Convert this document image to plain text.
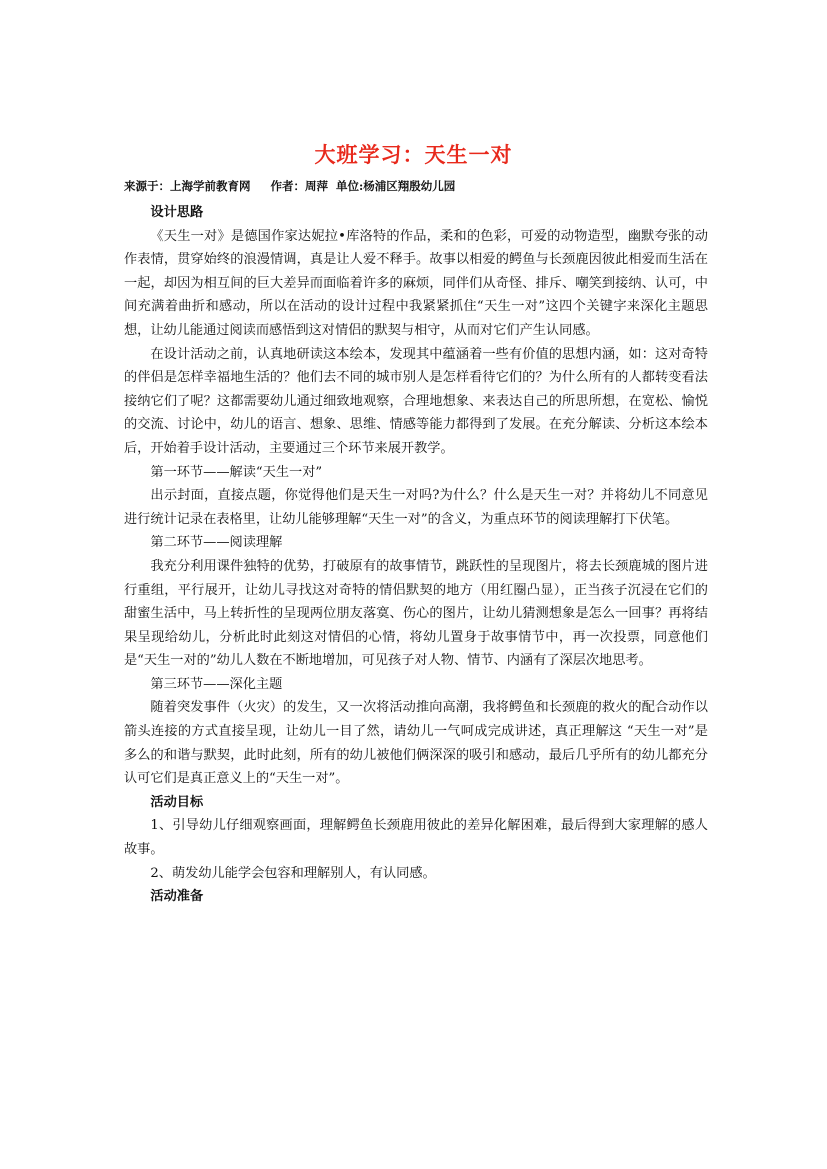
大班学习：天生一对
来源于：上海学前教育网 作者：周萍 单位:杨浦区翔殷幼儿园

设计思路

《天生一对》是德国作家达妮拉•库洛特的作品，柔和的色彩，可爱的动物造型，幽默夸张的动作表情，贯穿始终的浪漫情调，真是让人爱不释手。故事以相爱的鳄鱼与长颈鹿因彼此相爱而生活在一起，却因为相互间的巨大差异而面临着许多的麻烦，同伴们从奇怪、排斥、嘲笑到接纳、认可，中间充满着曲折和感动，所以在活动的设计过程中我紧紧抓住“天生一对”这四个关键字来深化主题思想，让幼儿能通过阅读而感悟到这对情侣的默契与相守，从而对它们产生认同感。

在设计活动之前，认真地研读这本绘本，发现其中蕴涵着一些有价值的思想内涵，如：这对奇特的伴侣是怎样幸福地生活的？他们去不同的城市别人是怎样看待它们的？为什么所有的人都转变看法接纳它们了呢？这都需要幼儿通过细致地观察，合理地想象、来表达自己的所思所想，在宽松、愉悦的交流、讨论中，幼儿的语言、想象、思维、情感等能力都得到了发展。在充分解读、分析这本绘本后，开始着手设计活动，主要通过三个环节来展开教学。

第一环节——解读“天生一对”

出示封面，直接点题，你觉得他们是天生一对吗?为什么？什么是天生一对？并将幼儿不同意见进行统计记录在表格里，让幼儿能够理解“天生一对”的含义，为重点环节的阅读理解打下伏笔。

第二环节——阅读理解

我充分利用课件独特的优势，打破原有的故事情节，跳跃性的呈现图片，将去长颈鹿城的图片进行重组，平行展开，让幼儿寻找这对奇特的情侣默契的地方（用红圈凸显），正当孩子沉浸在它们的甜蜜生活中，马上转折性的呈现两位朋友落寞、伤心的图片，让幼儿猜测想象是怎么一回事？再将结果呈现给幼儿，分析此时此刻这对情侣的心情，将幼儿置身于故事情节中，再一次投票，同意他们是“天生一对的”幼儿人数在不断地增加，可见孩子对人物、情节、内涵有了深层次地思考。

第三环节——深化主题

随着突发事件（火灾）的发生，又一次将活动推向高潮，我将鳄鱼和长颈鹿的救火的配合动作以箭头连接的方式直接呈现，让幼儿一目了然，请幼儿一气呵成完成讲述，真正理解这 “天生一对”是多么的和谐与默契，此时此刻，所有的幼儿被他们俩深深的吸引和感动，最后几乎所有的幼儿都充分认可它们是真正意义上的“天生一对”。

活动目标

1、引导幼儿仔细观察画面，理解鳄鱼长颈鹿用彼此的差异化解困难，最后得到大家理解的感人故事。

2、萌发幼儿能学会包容和理解别人，有认同感。

活动准备
